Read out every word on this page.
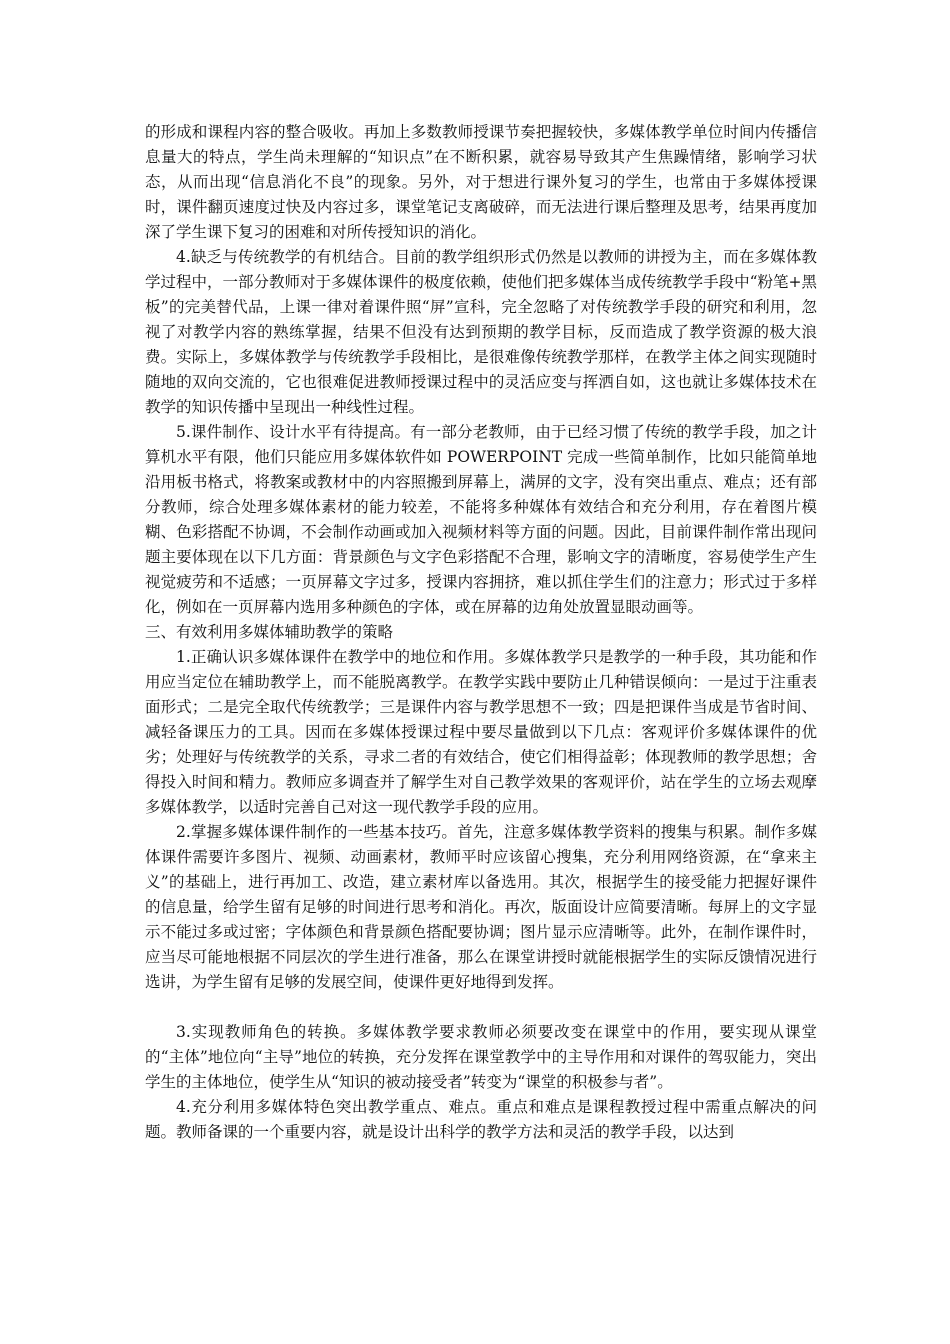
的形成和课程内容的整合吸收。再加上多数教师授课节奏把握较快，多媒体教学单位时间内传播信息量大的特点，学生尚未理解的“知识点”在不断积累，就容易导致其产生焦躁情绪，影响学习状态，从而出现“信息消化不良”的现象。另外，对于想进行课外复习的学生，也常由于多媒体授课时，课件翻页速度过快及内容过多，课堂笔记支离破碎，而无法进行课后整理及思考，结果再度加深了学生课下复习的困难和对所传授知识的消化。

4.缺乏与传统教学的有机结合。目前的教学组织形式仍然是以教师的讲授为主，而在多媒体教学过程中，一部分教师对于多媒体课件的极度依赖，使他们把多媒体当成传统教学手段中“粉笔+黑板”的完美替代品，上课一律对着课件照“屏”宣科，完全忽略了对传统教学手段的研究和利用，忽视了对教学内容的熟练掌握，结果不但没有达到预期的教学目标，反而造成了教学资源的极大浪费。实际上，多媒体教学与传统教学手段相比，是很难像传统教学那样，在教学主体之间实现随时随地的双向交流的，它也很难促进教师授课过程中的灵活应变与挥洒自如，这也就让多媒体技术在教学的知识传播中呈现出一种线性过程。

5.课件制作、设计水平有待提高。有一部分老教师，由于已经习惯了传统的教学手段，加之计算机水平有限，他们只能应用多媒体软件如 POWERPOINT 完成一些简单制作，比如只能简单地沿用板书格式，将教案或教材中的内容照搬到屏幕上，满屏的文字，没有突出重点、难点；还有部分教师，综合处理多媒体素材的能力较差，不能将多种媒体有效结合和充分利用，存在着图片模糊、色彩搭配不协调，不会制作动画或加入视频材料等方面的问题。因此，目前课件制作常出现问题主要体现在以下几方面：背景颜色与文字色彩搭配不合理，影响文字的清晰度，容易使学生产生视觉疲劳和不适感；一页屏幕文字过多，授课内容拥挤，难以抓住学生们的注意力；形式过于多样化，例如在一页屏幕内选用多种颜色的字体，或在屏幕的边角处放置显眼动画等。

三、有效利用多媒体辅助教学的策略

1.正确认识多媒体课件在教学中的地位和作用。多媒体教学只是教学的一种手段，其功能和作用应当定位在辅助教学上，而不能脱离教学。在教学实践中要防止几种错误倾向：一是过于注重表面形式；二是完全取代传统教学；三是课件内容与教学思想不一致；四是把课件当成是节省时间、减轻备课压力的工具。因而在多媒体授课过程中要尽量做到以下几点：客观评价多媒体课件的优劣；处理好与传统教学的关系，寻求二者的有效结合，使它们相得益彰；体现教师的教学思想；舍得投入时间和精力。教师应多调查并了解学生对自己教学效果的客观评价，站在学生的立场去观摩多媒体教学，以适时完善自己对这一现代教学手段的应用。

2.掌握多媒体课件制作的一些基本技巧。首先，注意多媒体教学资料的搜集与积累。制作多媒体课件需要许多图片、视频、动画素材，教师平时应该留心搜集，充分利用网络资源，在“拿来主义”的基础上，进行再加工、改造，建立素材库以备选用。其次，根据学生的接受能力把握好课件的信息量，给学生留有足够的时间进行思考和消化。再次，版面设计应简要清晰。每屏上的文字显示不能过多或过密；字体颜色和背景颜色搭配要协调；图片显示应清晰等。此外，在制作课件时，应当尽可能地根据不同层次的学生进行准备，那么在课堂讲授时就能根据学生的实际反馈情况进行选讲，为学生留有足够的发展空间，使课件更好地得到发挥。

3.实现教师角色的转换。多媒体教学要求教师必须要改变在课堂中的作用，要实现从课堂的“主体”地位向“主导”地位的转换，充分发挥在课堂教学中的主导作用和对课件的驾驭能力，突出学生的主体地位，使学生从“知识的被动接受者”转变为“课堂的积极参与者”。

4.充分利用多媒体特色突出教学重点、难点。重点和难点是课程教授过程中需重点解决的问题。教师备课的一个重要内容，就是设计出科学的教学方法和灵活的教学手段，以达到
